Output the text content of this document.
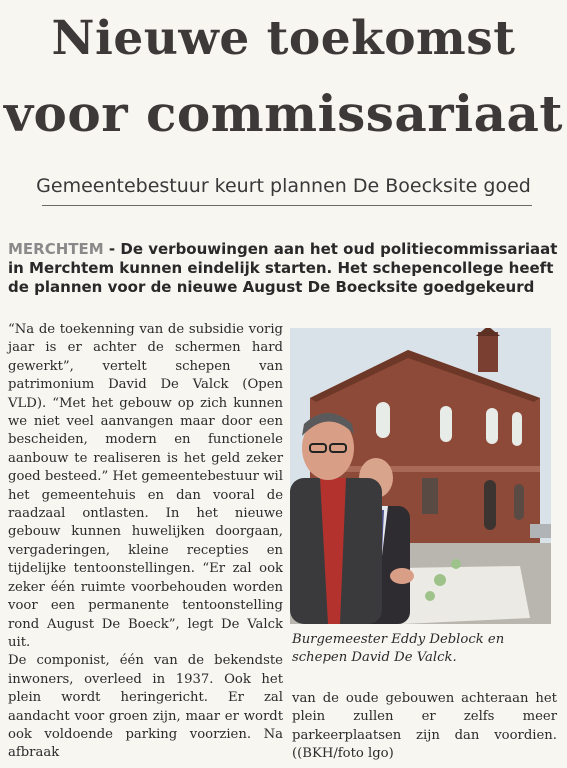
Nieuwe toekomst
voor commissariaat
Gemeentebestuur keurt plannen De Boecksite goed
MERCHTEM - De verbouwingen aan het oud politiecommissariaat in Merchtem kunnen eindelijk starten. Het schepencollege heeft de plannen voor de nieuwe August De Boecksite goedgekeurd

“Na de toekenning van de subsidie vorig jaar is er achter de schermen hard gewerkt”, vertelt schepen van patrimonium David De Valck (Open VLD). “Met het gebouw op zich kunnen we niet veel aanvangen maar door een bescheiden, modern en functionele aanbouw te realiseren is het geld zeker goed besteed.” Het gemeentebestuur wil het gemeentehuis en dan vooral de raadzaal ontlasten. In het nieuwe gebouw kunnen huwelijken doorgaan, vergaderingen, kleine recepties en tijdelijke tentoonstellingen. “Er zal ook zeker één ruimte voorbehouden worden voor een permanente tentoonstelling rond August De Boeck”, legt De Valck uit.

De componist, één van de bekendste inwoners, overleed in 1937. Ook het plein wordt heringericht. Er zal aandacht voor groen zijn, maar er wordt ook voldoende parking voorzien. Na afbraak

Burgemeester Eddy Deblock en schepen David De Valck.

van de oude gebouwen achteraan het plein zullen er zelfs meer parkeerplaatsen zijn dan voordien. ((BKH/foto lgo)
